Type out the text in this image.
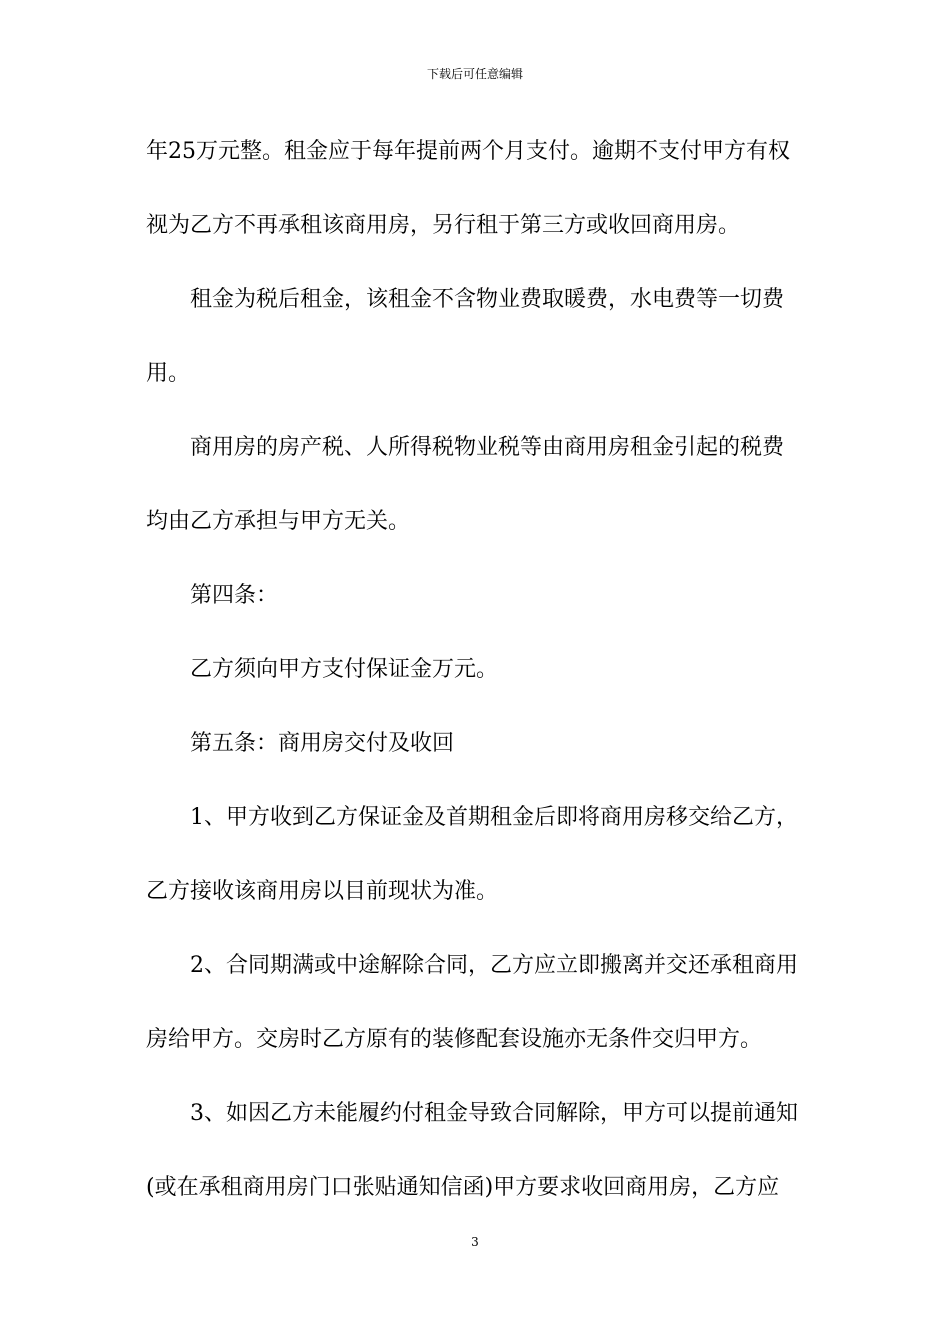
下载后可任意编辑
年25万元整。租金应于每年提前两个月支付。逾期不支付甲方有权
视为乙方不再承租该商用房，另行租于第三方或收回商用房。
租金为税后租金，该租金不含物业费取暖费，水电费等一切费
用。
商用房的房产税、人所得税物业税等由商用房租金引起的税费
均由乙方承担与甲方无关。
第四条：
乙方须向甲方支付保证金万元。
第五条：商用房交付及收回
1、甲方收到乙方保证金及首期租金后即将商用房移交给乙方，
乙方接收该商用房以目前现状为准。
2、合同期满或中途解除合同，乙方应立即搬离并交还承租商用
房给甲方。交房时乙方原有的装修配套设施亦无条件交归甲方。
3、如因乙方未能履约付租金导致合同解除，甲方可以提前通知
(或在承租商用房门口张贴通知信函)甲方要求收回商用房，乙方应
3
